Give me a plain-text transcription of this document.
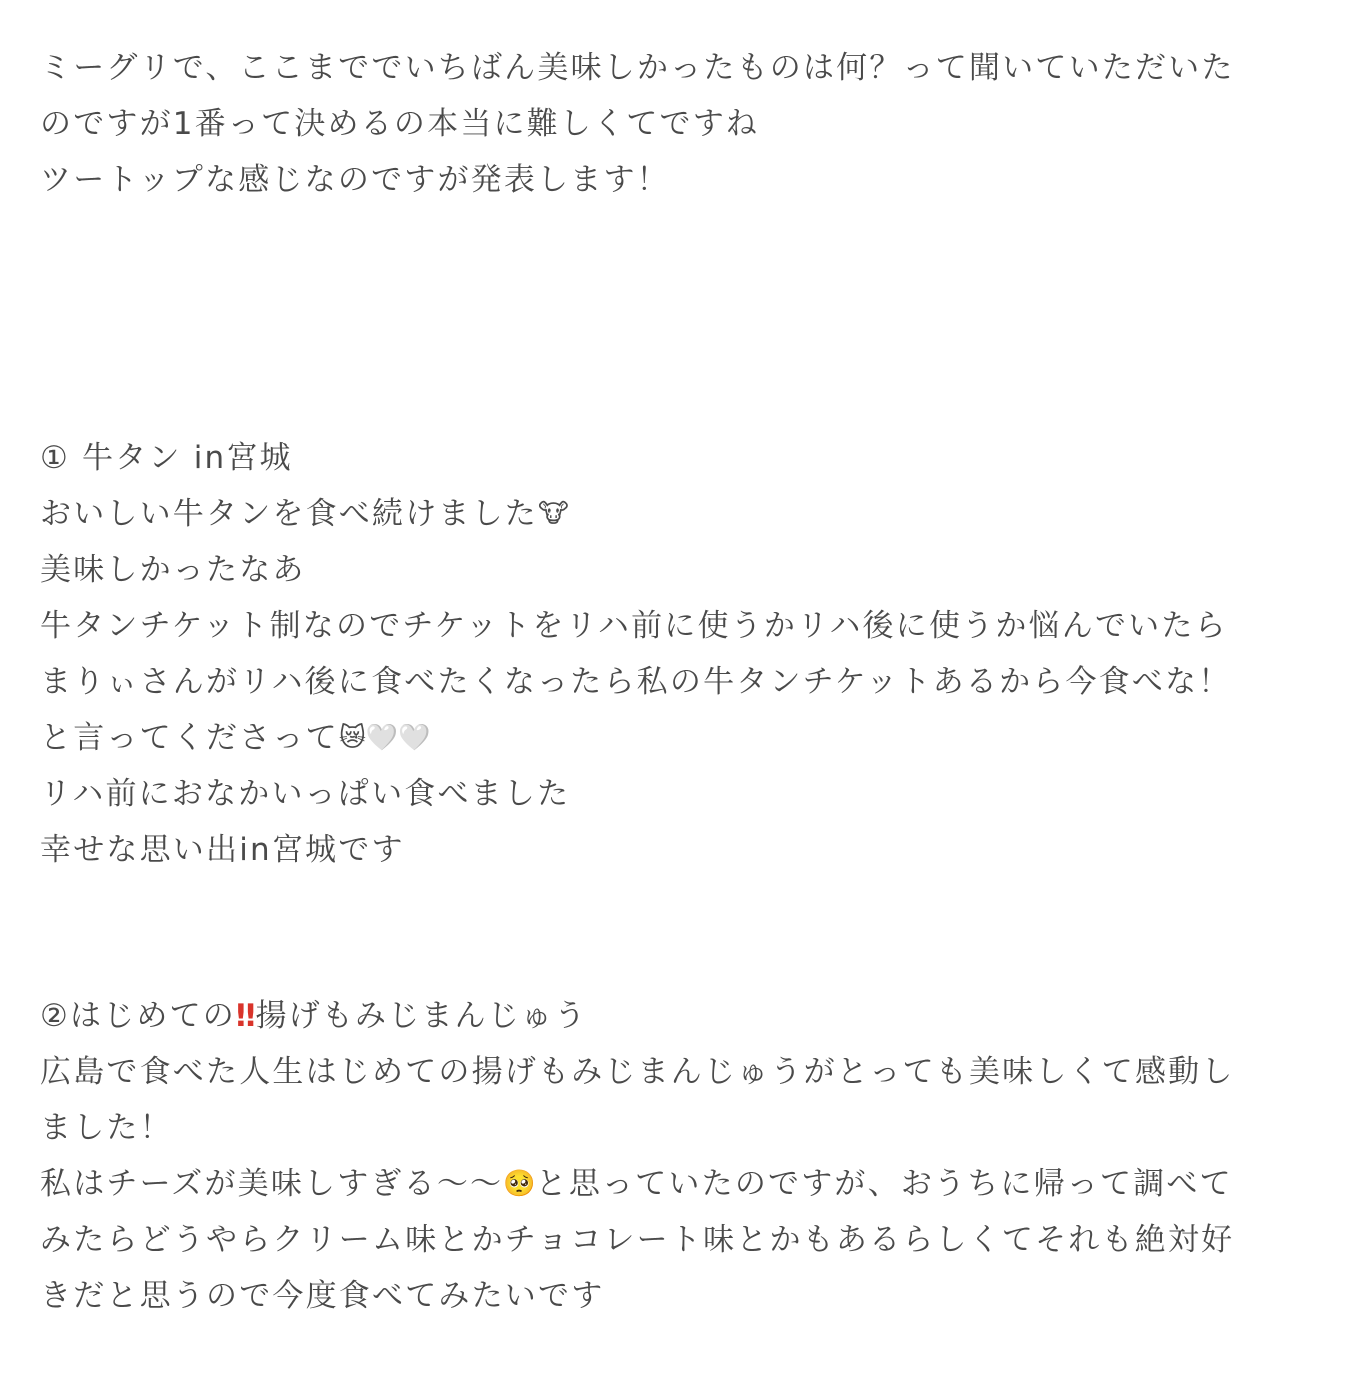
ミーグリで、ここまででいちばん美味しかったものは何？って聞いていただいた
のですが1番って決めるの本当に難しくてですね
ツートップな感じなのですが発表します！
① 牛タン in宮城
おいしい牛タンを食べ続けました🐮
美味しかったなあ
牛タンチケット制なのでチケットをリハ前に使うかリハ後に使うか悩んでいたら
まりぃさんがリハ後に食べたくなったら私の牛タンチケットあるから今食べな！
と言ってくださって😿🤍🤍
リハ前におなかいっぱい食べました
幸せな思い出in宮城です
②はじめての‼揚げもみじまんじゅう
広島で食べた人生はじめての揚げもみじまんじゅうがとっても美味しくて感動し
ました！
私はチーズが美味しすぎる〜〜🥺と思っていたのですが、おうちに帰って調べて
みたらどうやらクリーム味とかチョコレート味とかもあるらしくてそれも絶対好
きだと思うので今度食べてみたいです
